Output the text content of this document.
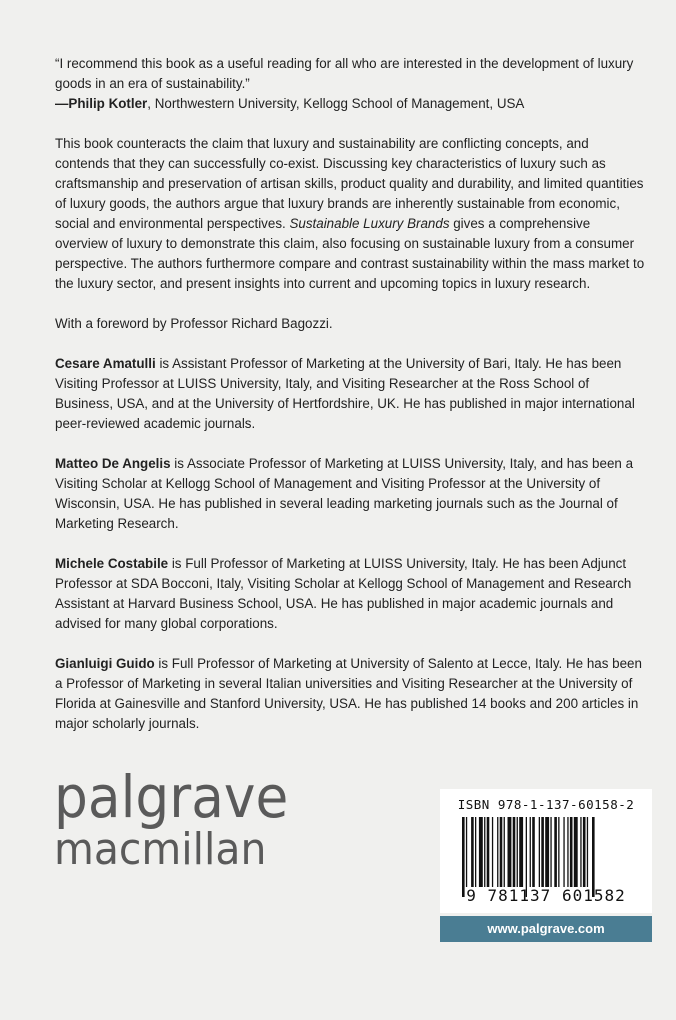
“I recommend this book as a useful reading for all who are interested in the development of luxury goods in an era of sustainability.”
—Philip Kotler, Northwestern University, Kellogg School of Management, USA

This book counteracts the claim that luxury and sustainability are conflicting concepts, and contends that they can successfully co-exist. Discussing key characteristics of luxury such as craftsmanship and preservation of artisan skills, product quality and durability, and limited quantities of luxury goods, the authors argue that luxury brands are inherently sustainable from economic, social and environmental perspectives. Sustainable Luxury Brands gives a comprehensive overview of luxury to demonstrate this claim, also focusing on sustainable luxury from a consumer perspective. The authors furthermore compare and contrast sustainability within the mass market to the luxury sector, and present insights into current and upcoming topics in luxury research.

With a foreword by Professor Richard Bagozzi.

Cesare Amatulli is Assistant Professor of Marketing at the University of Bari, Italy. He has been Visiting Professor at LUISS University, Italy, and Visiting Researcher at the Ross School of Business, USA, and at the University of Hertfordshire, UK. He has published in major international peer-reviewed academic journals.

Matteo De Angelis is Associate Professor of Marketing at LUISS University, Italy, and has been a Visiting Scholar at Kellogg School of Management and Visiting Professor at the University of Wisconsin, USA. He has published in several leading marketing journals such as the Journal of Marketing Research.

Michele Costabile is Full Professor of Marketing at LUISS University, Italy. He has been Adjunct Professor at SDA Bocconi, Italy, Visiting Scholar at Kellogg School of Management and Research Assistant at Harvard Business School, USA. He has published in major academic journals and advised for many global corporations.

Gianluigi Guido is Full Professor of Marketing at University of Salento at Lecce, Italy. He has been a Professor of Marketing in several Italian universities and Visiting Researcher at the University of Florida at Gainesville and Stanford University, USA. He has published 14 books and 200 articles in major scholarly journals.

palgrave
macmillan
ISBN 978-1-137-60158-2
9 781137 601582
www.palgrave.com
